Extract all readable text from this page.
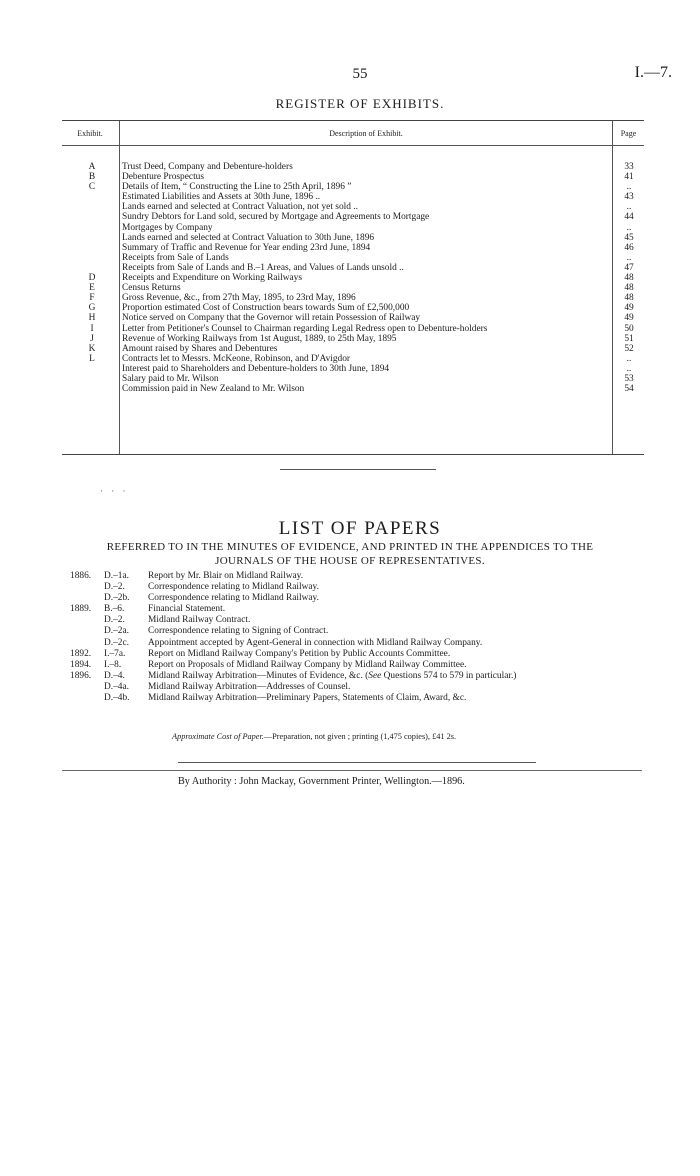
55	I.—7.
REGISTER OF EXHIBITS.
Exhibit.	Description of Exhibit.	Page
A	Trust Deed, Company and Debenture-holders	33
B	Debenture Prospectus	41
C	Details of Item, “ Constructing the Line to 25th April, 1896 ”	..
Estimated Liabilities and Assets at 30th June, 1896 ..	43
Lands earned and selected at Contract Valuation, not yet sold ..	..
Sundry Debtors for Land sold, secured by Mortgage and Agreements to Mortgage	44
Mortgages by Company	..
Lands earned and selected at Contract Valuation to 30th June, 1896	45
Summary of Traffic and Revenue for Year ending 23rd June, 1894	46
Receipts from Sale of Lands	..
Receipts from Sale of Lands and B.–1 Areas, and Values of Lands unsold ..	47
D	Receipts and Expenditure on Working Railways	48
E	Census Returns	48
F	Gross Revenue, &c., from 27th May, 1895, to 23rd May, 1896	48
G	Proportion estimated Cost of Construction bears towards Sum of £2,500,000	49
H	Notice served on Company that the Governor will retain Possession of Railway	49
I	Letter from Petitioner's Counsel to Chairman regarding Legal Redress open to Debenture-holders	50
J	Revenue of Working Railways from 1st August, 1889, to 25th May, 1895	51
K	Amount raised by Shares and Debentures	52
L	Contracts let to Messrs. McKeone, Robinson, and D'Avigdor	..
Interest paid to Shareholders and Debenture-holders to 30th June, 1894	..
Salary paid to Mr. Wilson	53
Commission paid in New Zealand to Mr. Wilson	54
· · ·
LIST OF PAPERS
REFERRED TO IN THE MINUTES OF EVIDENCE, AND PRINTED IN THE APPENDICES TO THE
JOURNALS OF THE HOUSE OF REPRESENTATIVES.
1886.	D.–1a.	Report by Mr. Blair on Midland Railway.
D.–2.	Correspondence relating to Midland Railway.
D.–2b.	Correspondence relating to Midland Railway.
1889.	B.–6.	Financial Statement.
D.–2.	Midland Railway Contract.
D.–2a.	Correspondence relating to Signing of Contract.
D.–2c.	Appointment accepted by Agent-General in connection with Midland Railway Company.
1892.	I.–7a.	Report on Midland Railway Company's Petition by Public Accounts Committee.
1894.	I.–8.	Report on Proposals of Midland Railway Company by Midland Railway Committee.
1896.	D.–4.	Midland Railway Arbitration—Minutes of Evidence, &c. (See Questions 574 to 579 in particular.)
D.–4a.	Midland Railway Arbitration—Addresses of Counsel.
D.–4b.	Midland Railway Arbitration—Preliminary Papers, Statements of Claim, Award, &c.
Approximate Cost of Paper.—Preparation, not given ; printing (1,475 copies), £41 2s.
By Authority : John Mackay, Government Printer, Wellington.—1896.
